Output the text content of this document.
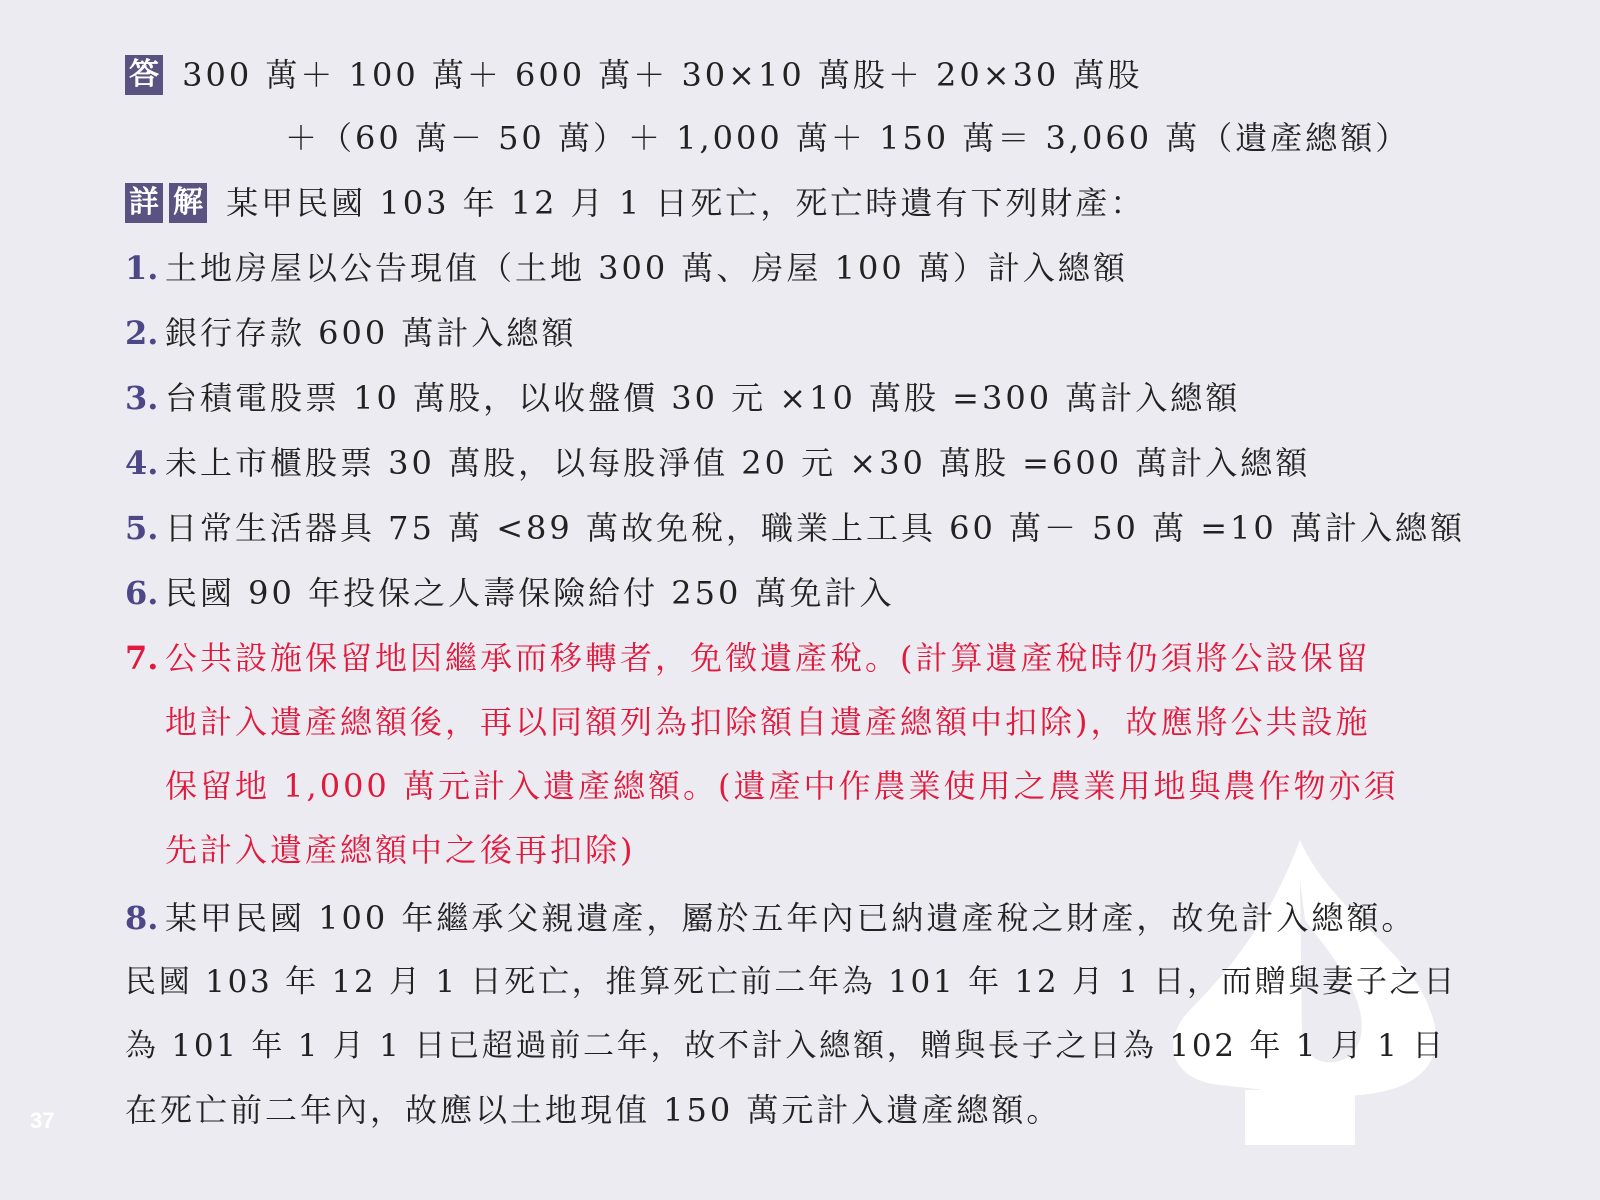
37
答 300 萬＋ 100 萬＋ 600 萬＋ 30×10 萬股＋ 20×30 萬股
＋（60 萬－ 50 萬）＋ 1,000 萬＋ 150 萬＝ 3,060 萬（遺產總額）
詳 解 某甲民國 103 年 12 月 1 日死亡，死亡時遺有下列財產：
1. 土地房屋以公告現值（土地 300 萬、房屋 100 萬）計入總額
2. 銀行存款 600 萬計入總額
3. 台積電股票 10 萬股，以收盤價 30 元 ×10 萬股 =300 萬計入總額
4. 未上市櫃股票 30 萬股，以每股淨值 20 元 ×30 萬股 =600 萬計入總額
5. 日常生活器具 75 萬 <89 萬故免稅，職業上工具 60 萬－ 50 萬 =10 萬計入總額
6. 民國 90 年投保之人壽保險給付 250 萬免計入
7. 公共設施保留地因繼承而移轉者，免徵遺產稅。(計算遺產稅時仍須將公設保留
地計入遺產總額後，再以同額列為扣除額自遺產總額中扣除)，故應將公共設施
保留地 1,000 萬元計入遺產總額。(遺產中作農業使用之農業用地與農作物亦須
先計入遺產總額中之後再扣除)
8. 某甲民國 100 年繼承父親遺產，屬於五年內已納遺產稅之財產，故免計入總額。
民國 103 年 12 月 1 日死亡，推算死亡前二年為 101 年 12 月 1 日，而贈與妻子之日
為 101 年 1 月 1 日已超過前二年，故不計入總額，贈與長子之日為 102 年 1 月 1 日
在死亡前二年內，故應以土地現值 150 萬元計入遺產總額。
